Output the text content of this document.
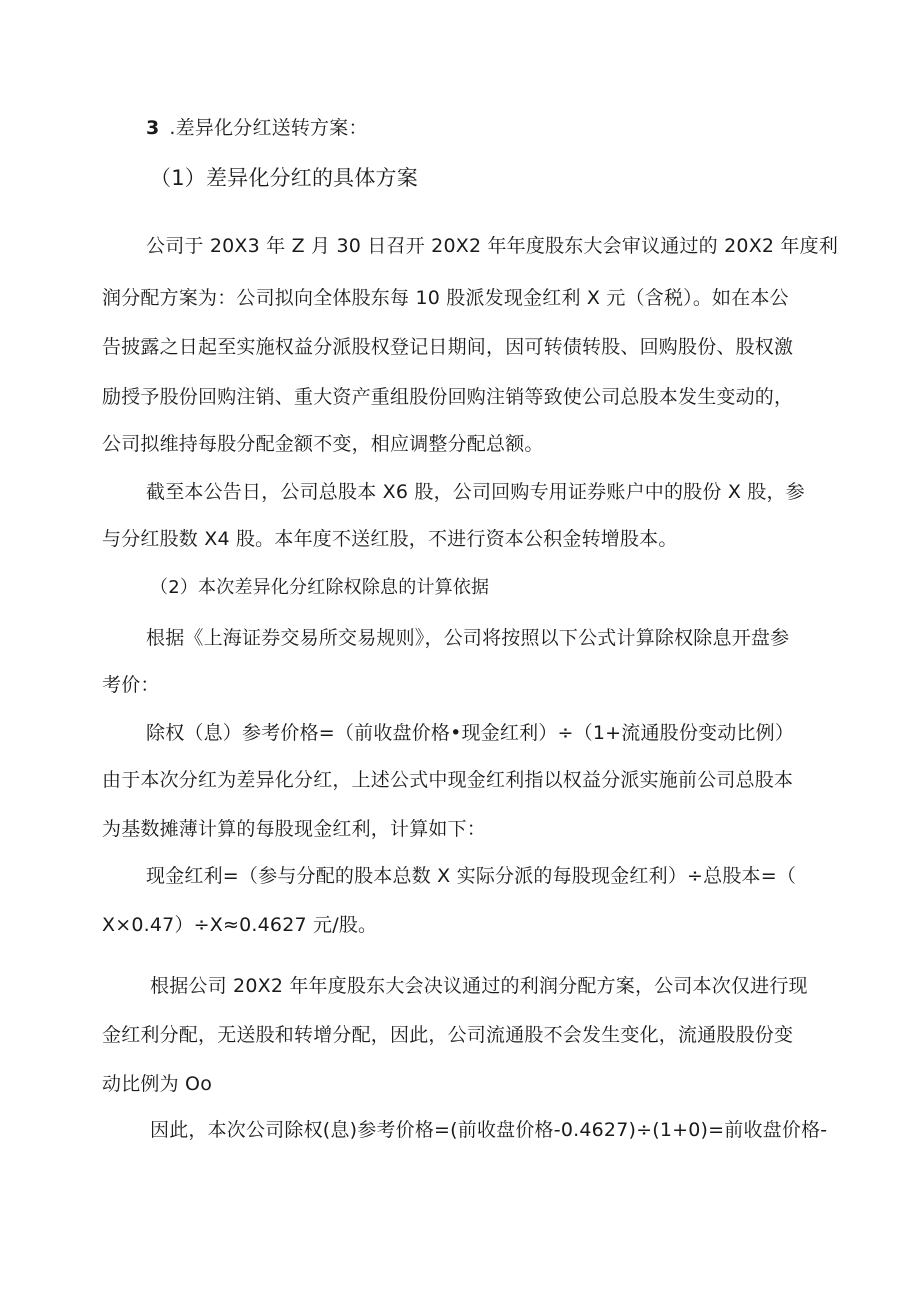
3 .差异化分红送转方案：
（1）差异化分红的具体方案
公司于 20X3 年 Z 月 30 日召开 20X2 年年度股东大会审议通过的 20X2 年度利
润分配方案为：公司拟向全体股东每 10 股派发现金红利 X 元（含税）。如在本公
告披露之日起至实施权益分派股权登记日期间，因可转债转股、回购股份、股权激
励授予股份回购注销、重大资产重组股份回购注销等致使公司总股本发生变动的，
公司拟维持每股分配金额不变，相应调整分配总额。
截至本公告日，公司总股本 X6 股，公司回购专用证券账户中的股份 X 股，参
与分红股数 X4 股。本年度不送红股，不进行资本公积金转增股本。
（2）本次差异化分红除权除息的计算依据
根据《上海证券交易所交易规则》，公司将按照以下公式计算除权除息开盘参
考价：
除权（息）参考价格=（前收盘价格•现金红利）÷（1+流通股份变动比例）
由于本次分红为差异化分红，上述公式中现金红利指以权益分派实施前公司总股本
为基数摊薄计算的每股现金红利，计算如下：
现金红利=（参与分配的股本总数 X 实际分派的每股现金红利）÷总股本=（
X×0.47）÷X≈0.4627 元/股。
根据公司 20X2 年年度股东大会决议通过的利润分配方案，公司本次仅进行现
金红利分配，无送股和转增分配，因此，公司流通股不会发生变化，流通股股份变
动比例为 Oo
因此，本次公司除权(息)参考价格=(前收盘价格-0.4627)÷(1+0)=前收盘价格-
